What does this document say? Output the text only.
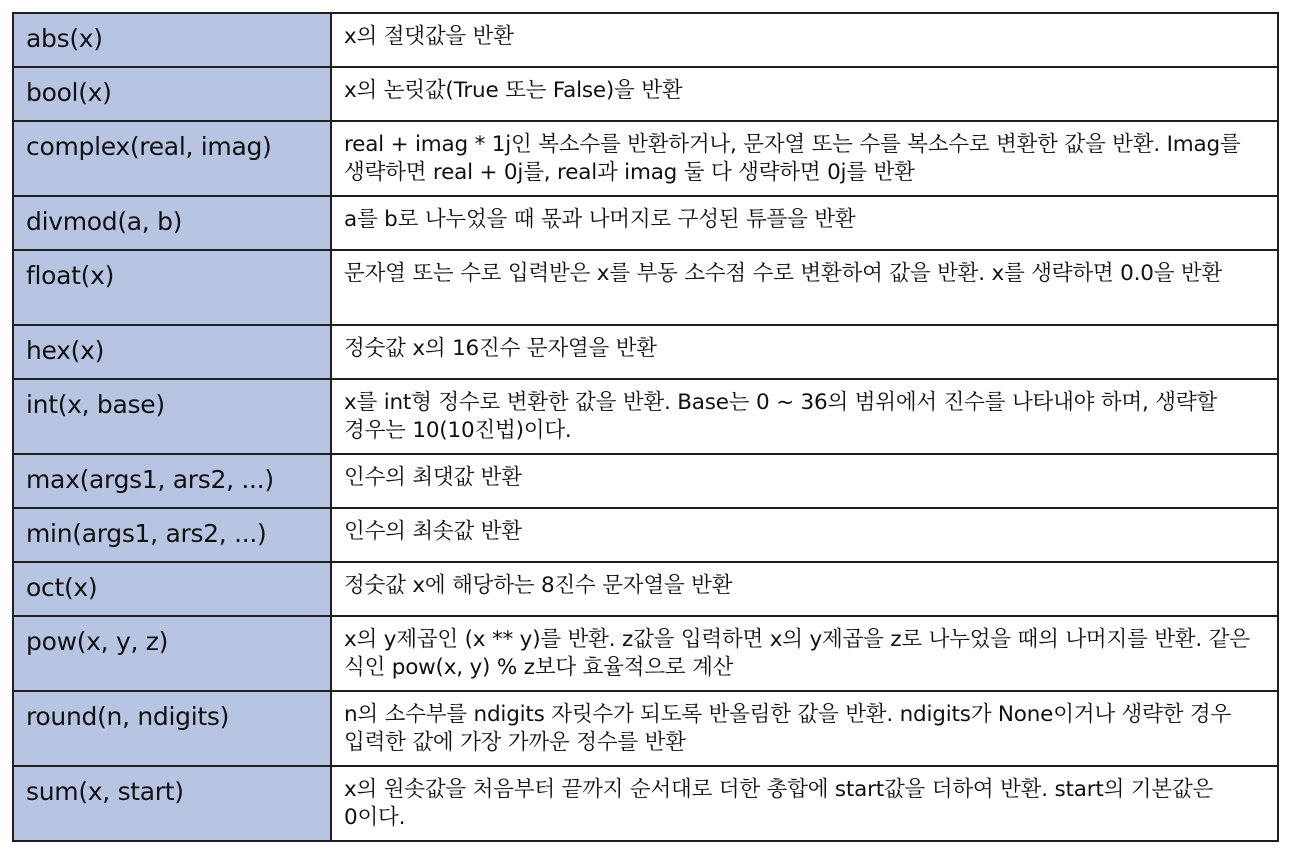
abs(x)	x의 절댓값을 반환
bool(x)	x의 논릿값(True 또는 False)을 반환
complex(real, imag)	real + imag * 1j인 복소수를 반환하거나, 문자열 또는 수를 복소수로 변환한 값을 반환. Imag를 생략하면 real + 0j를, real과 imag 둘 다 생략하면 0j를 반환
divmod(a, b)	a를 b로 나누었을 때 몫과 나머지로 구성된 튜플을 반환
float(x)	문자열 또는 수로 입력받은 x를 부동 소수점 수로 변환하여 값을 반환. x를 생략하면 0.0을 반환
hex(x)	정숫값 x의 16진수 문자열을 반환
int(x, base)	x를 int형 정수로 변환한 값을 반환. Base는 0 ~ 36의 범위에서 진수를 나타내야 하며, 생략할 경우는 10(10진법)이다.
max(args1, ars2, ...)	인수의 최댓값 반환
min(args1, ars2, ...)	인수의 최솟값 반환
oct(x)	정숫값 x에 해당하는 8진수 문자열을 반환
pow(x, y, z)	x의 y제곱인 (x ** y)를 반환. z값을 입력하면 x의 y제곱을 z로 나누었을 때의 나머지를 반환. 같은 식인 pow(x, y) % z보다 효율적으로 계산
round(n, ndigits)	n의 소수부를 ndigits 자릿수가 되도록 반올림한 값을 반환. ndigits가 None이거나 생략한 경우 입력한 값에 가장 가까운 정수를 반환
sum(x, start)	x의 원솟값을 처음부터 끝까지 순서대로 더한 총합에 start값을 더하여 반환. start의 기본값은 0이다.
